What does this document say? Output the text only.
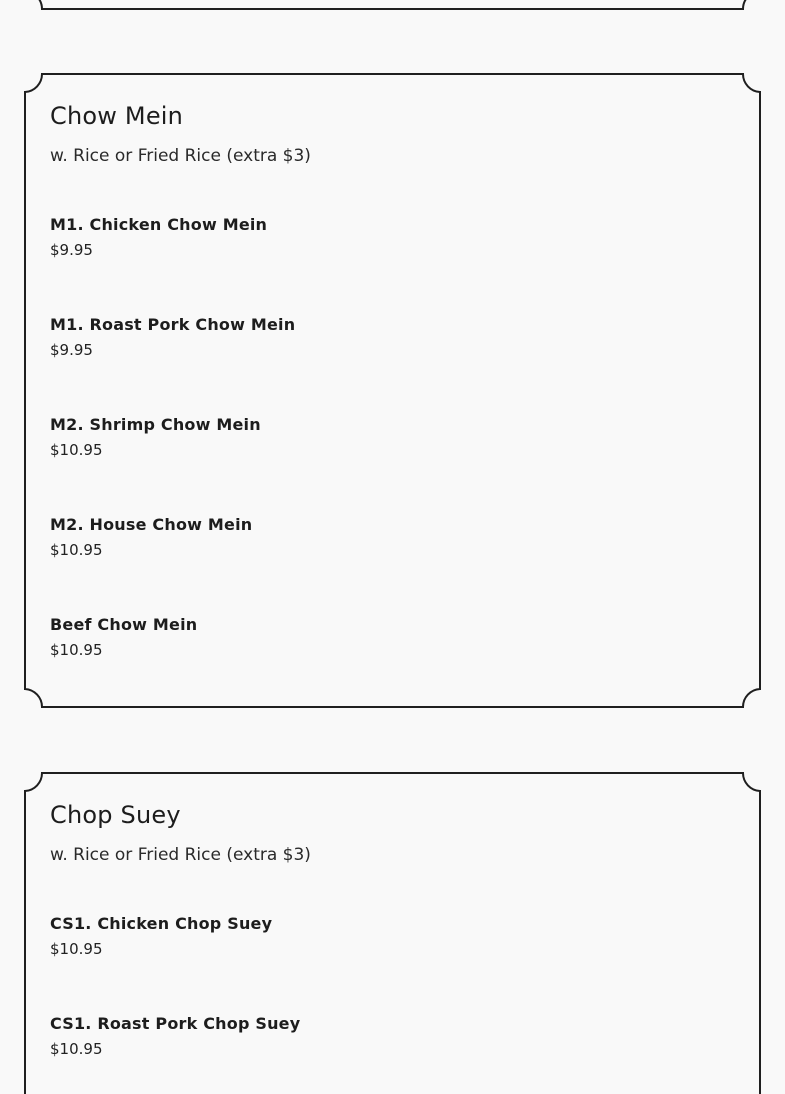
Chow Mein

w. Rice or Fried Rice (extra $3)

M1. Chicken Chow Mein
$9.95
M1. Roast Pork Chow Mein
$9.95
M2. Shrimp Chow Mein
$10.95
M2. House Chow Mein
$10.95
Beef Chow Mein
$10.95
Chop Suey

w. Rice or Fried Rice (extra $3)

CS1. Chicken Chop Suey
$10.95
CS1. Roast Pork Chop Suey
$10.95
